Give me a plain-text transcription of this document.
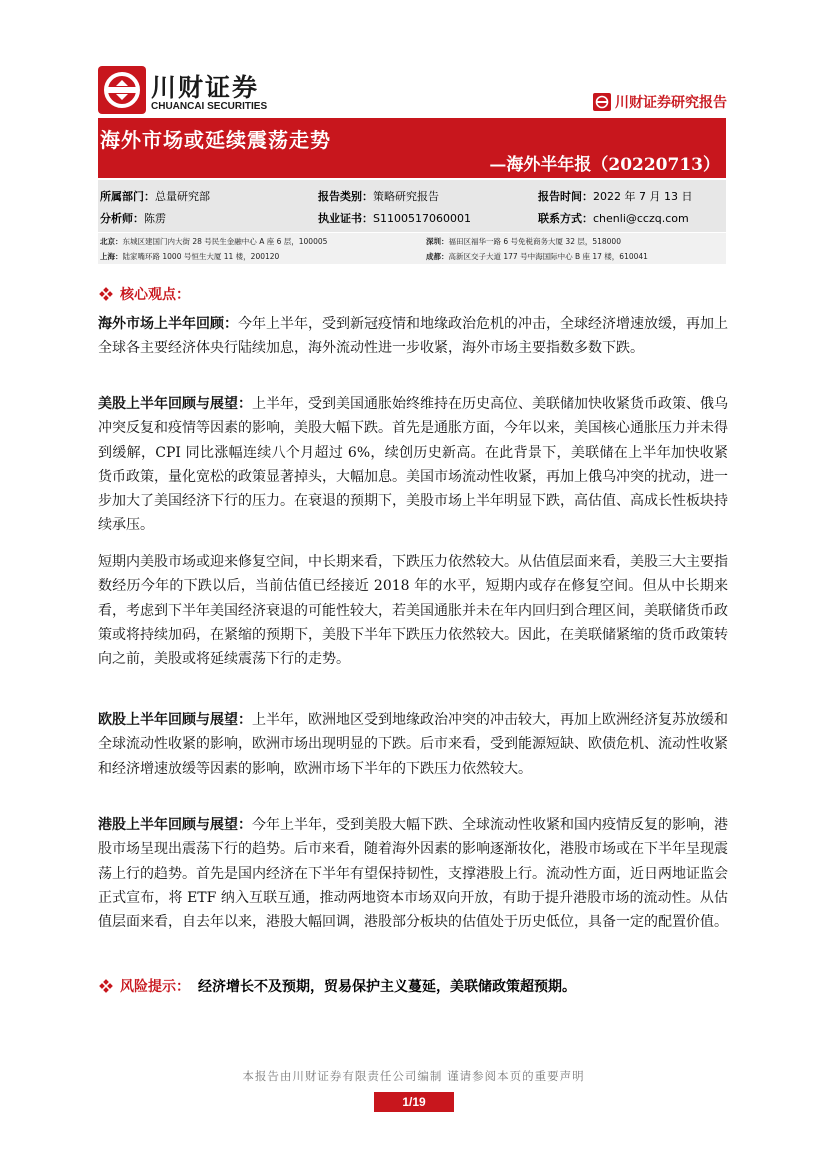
川财证券
CHUANCAI SECURITIES	川财证券研究报告
海外市场或延续震荡走势
—海外半年报（20220713）
所属部门：总量研究部	报告类别：策略研究报告	报告时间：2022 年 7 月 13 日
分析师：陈雳	执业证书：S1100517060001	联系方式：chenli@cczq.com
北京：东城区建国门内大街 28 号民生金融中心 A 座 6 层，100005	深圳：福田区福华一路 6 号免税商务大厦 32 层，518000
上海：陆家嘴环路 1000 号恒生大厦 11 楼，200120	成都：高新区交子大道 177 号中海国际中心 B 座 17 楼，610041
核心观点：
海外市场上半年回顾：今年上半年，受到新冠疫情和地缘政治危机的冲击，全球经济增速放缓，再加上全球各主要经济体央行陆续加息，海外流动性进一步收紧，海外市场主要指数多数下跌。
美股上半年回顾与展望：上半年，受到美国通胀始终维持在历史高位、美联储加快收紧货币政策、俄乌冲突反复和疫情等因素的影响，美股大幅下跌。首先是通胀方面，今年以来，美国核心通胀压力并未得到缓解，CPI 同比涨幅连续八个月超过 6%，续创历史新高。在此背景下，美联储在上半年加快收紧货币政策，量化宽松的政策显著掉头，大幅加息。美国市场流动性收紧，再加上俄乌冲突的扰动，进一步加大了美国经济下行的压力。在衰退的预期下，美股市场上半年明显下跌，高估值、高成长性板块持续承压。
短期内美股市场或迎来修复空间，中长期来看，下跌压力依然较大。从估值层面来看，美股三大主要指数经历今年的下跌以后，当前估值已经接近 2018 年的水平，短期内或存在修复空间。但从中长期来看，考虑到下半年美国经济衰退的可能性较大，若美国通胀并未在年内回归到合理区间，美联储货币政策或将持续加码，在紧缩的预期下，美股下半年下跌压力依然较大。因此，在美联储紧缩的货币政策转向之前，美股或将延续震荡下行的走势。
欧股上半年回顾与展望：上半年，欧洲地区受到地缘政治冲突的冲击较大，再加上欧洲经济复苏放缓和全球流动性收紧的影响，欧洲市场出现明显的下跌。后市来看，受到能源短缺、欧债危机、流动性收紧和经济增速放缓等因素的影响，欧洲市场下半年的下跌压力依然较大。
港股上半年回顾与展望：今年上半年，受到美股大幅下跌、全球流动性收紧和国内疫情反复的影响，港股市场呈现出震荡下行的趋势。后市来看，随着海外因素的影响逐渐妆化，港股市场或在下半年呈现震荡上行的趋势。首先是国内经济在下半年有望保持韧性，支撑港股上行。流动性方面，近日两地证监会正式宣布，将 ETF 纳入互联互通，推动两地资本市场双向开放，有助于提升港股市场的流动性。从估值层面来看，自去年以来，港股大幅回调，港股部分板块的估值处于历史低位，具备一定的配置价值。
风险提示： 经济增长不及预期，贸易保护主义蔓延，美联储政策超预期。
本报告由川财证券有限责任公司编制 谨请参阅本页的重要声明
1/19
